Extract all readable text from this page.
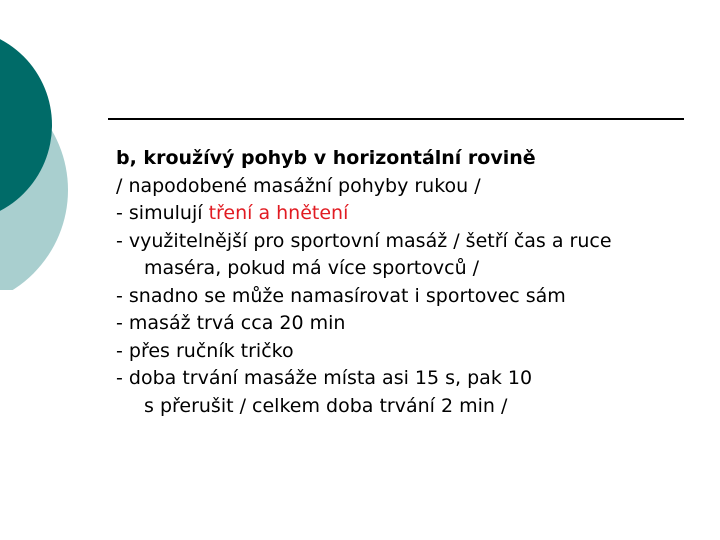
b, kroužívý pohyb v horizontální rovině
/ napodobené masážní pohyby rukou /
- simulují tření a hnětení
- využitelnější pro sportovní masáž / šetří čas a ruce
maséra, pokud má více sportovců /
- snadno se může namasírovat i sportovec sám
- masáž trvá cca 20 min
- přes ručník tričko
- doba trvání masáže místa asi 15 s, pak 10
s přerušit / celkem doba trvání 2 min /
